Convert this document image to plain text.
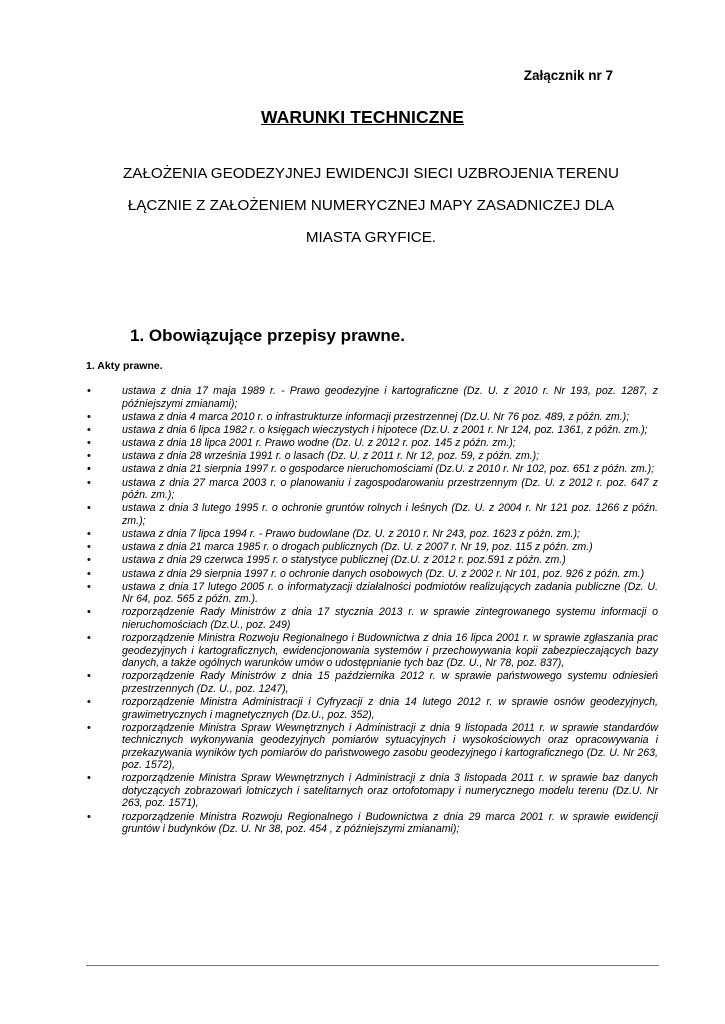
Załącznik nr 7

WARUNKI TECHNICZNE

ZAŁOŻENIA GEODEZYJNEJ EWIDENCJI SIECI UZBROJENIA TERENU
ŁĄCZNIE Z ZAŁOŻENIEM NUMERYCZNEJ MAPY ZASADNICZEJ DLA
MIASTA GRYFICE.

1. Obowiązujące przepisy prawne.

1. Akty prawne.

•	ustawa z dnia 17 maja 1989 r. - Prawo geodezyjne i kartograficzne (Dz. U. z 2010 r. Nr 193, poz. 1287, z późniejszymi zmianami);
•	ustawa z dnia 4 marca 2010 r. o infrastrukturze informacji przestrzennej (Dz.U. Nr 76 poz. 489, z późn. zm.);
•	ustawa z dnia 6 lipca 1982 r. o księgach wieczystych i hipotece (Dz.U. z 2001 r. Nr 124, poz. 1361, z późn. zm.);
•	ustawa z dnia 18 lipca 2001 r. Prawo wodne (Dz. U. z 2012 r. poz. 145 z późn. zm.);
•	ustawa z dnia 28 września 1991 r. o lasach (Dz. U. z 2011 r. Nr 12, poz. 59, z późn. zm.);
•	ustawa z dnia 21 sierpnia 1997 r. o gospodarce nieruchomościami (Dz.U. z 2010 r. Nr 102, poz. 651 z późn. zm.);
•	ustawa z dnia 27 marca 2003 r. o planowaniu i zagospodarowaniu przestrzennym (Dz. U. z 2012 r. poz. 647 z późn. zm.);
•	ustawa z dnia 3 lutego 1995 r. o ochronie gruntów rolnych i leśnych (Dz. U. z 2004 r. Nr 121 poz. 1266 z późn. zm.);
•	ustawa z dnia 7 lipca 1994 r. - Prawo budowlane (Dz. U. z 2010 r. Nr 243, poz. 1623 z późn. zm.);
•	ustawa z dnia 21 marca 1985 r. o drogach publicznych (Dz. U. z 2007 r. Nr 19, poz. 115 z późn. zm.)
•	ustawa z dnia 29 czerwca 1995 r. o statystyce publicznej (Dz.U. z 2012 r. poz.591 z późn. zm.)
•	ustawa z dnia 29 sierpnia 1997 r. o ochronie danych osobowych (Dz. U. z 2002 r. Nr 101, poz. 926 z późn. zm.)
•	ustawa z dnia 17 lutego 2005 r. o informatyzacji działalności podmiotów realizujących zadania publiczne (Dz. U. Nr 64, poz. 565 z późn. zm.).
•	rozporządzenie Rady Ministrów z dnia 17 stycznia 2013 r. w sprawie zintegrowanego systemu informacji o nieruchomościach (Dz.U., poz. 249)
•	rozporządzenie Ministra Rozwoju Regionalnego i Budownictwa z dnia 16 lipca 2001 r. w sprawie zgłaszania prac geodezyjnych i kartograficznych, ewidencjonowania systemów i przechowywania kopii zabezpieczających bazy danych, a także ogólnych warunków umów o udostępnianie tych baz (Dz. U., Nr 78, poz. 837),
•	rozporządzenie Rady Ministrów z dnia 15 października 2012 r. w sprawie państwowego systemu odniesień przestrzennych (Dz. U., poz. 1247),
•	rozporządzenie Ministra Administracji i Cyfryzacji z dnia 14 lutego 2012 r. w sprawie osnów geodezyjnych, grawimetrycznych i magnetycznych (Dz.U., poz. 352),
•	rozporządzenie Ministra Spraw Wewnętrznych i Administracji z dnia 9 listopada 2011 r. w sprawie standardów technicznych wykonywania geodezyjnych pomiarów sytuacyjnych i wysokościowych oraz opracowywania i przekazywania wyników tych pomiarów do państwowego zasobu geodezyjnego i kartograficznego (Dz. U. Nr 263, poz. 1572),
•	rozporządzenie Ministra Spraw Wewnętrznych i Administracji z dnia 3 listopada 2011 r. w sprawie baz danych dotyczących zobrazowań lotniczych i satelitarnych oraz ortofotomapy i numerycznego modelu terenu (Dz.U. Nr 263, poz. 1571),
•	rozporządzenie Ministra Rozwoju Regionalnego i Budownictwa z dnia 29 marca 2001 r. w sprawie ewidencji gruntów i budynków (Dz. U. Nr 38, poz. 454 , z późniejszymi zmianami);
